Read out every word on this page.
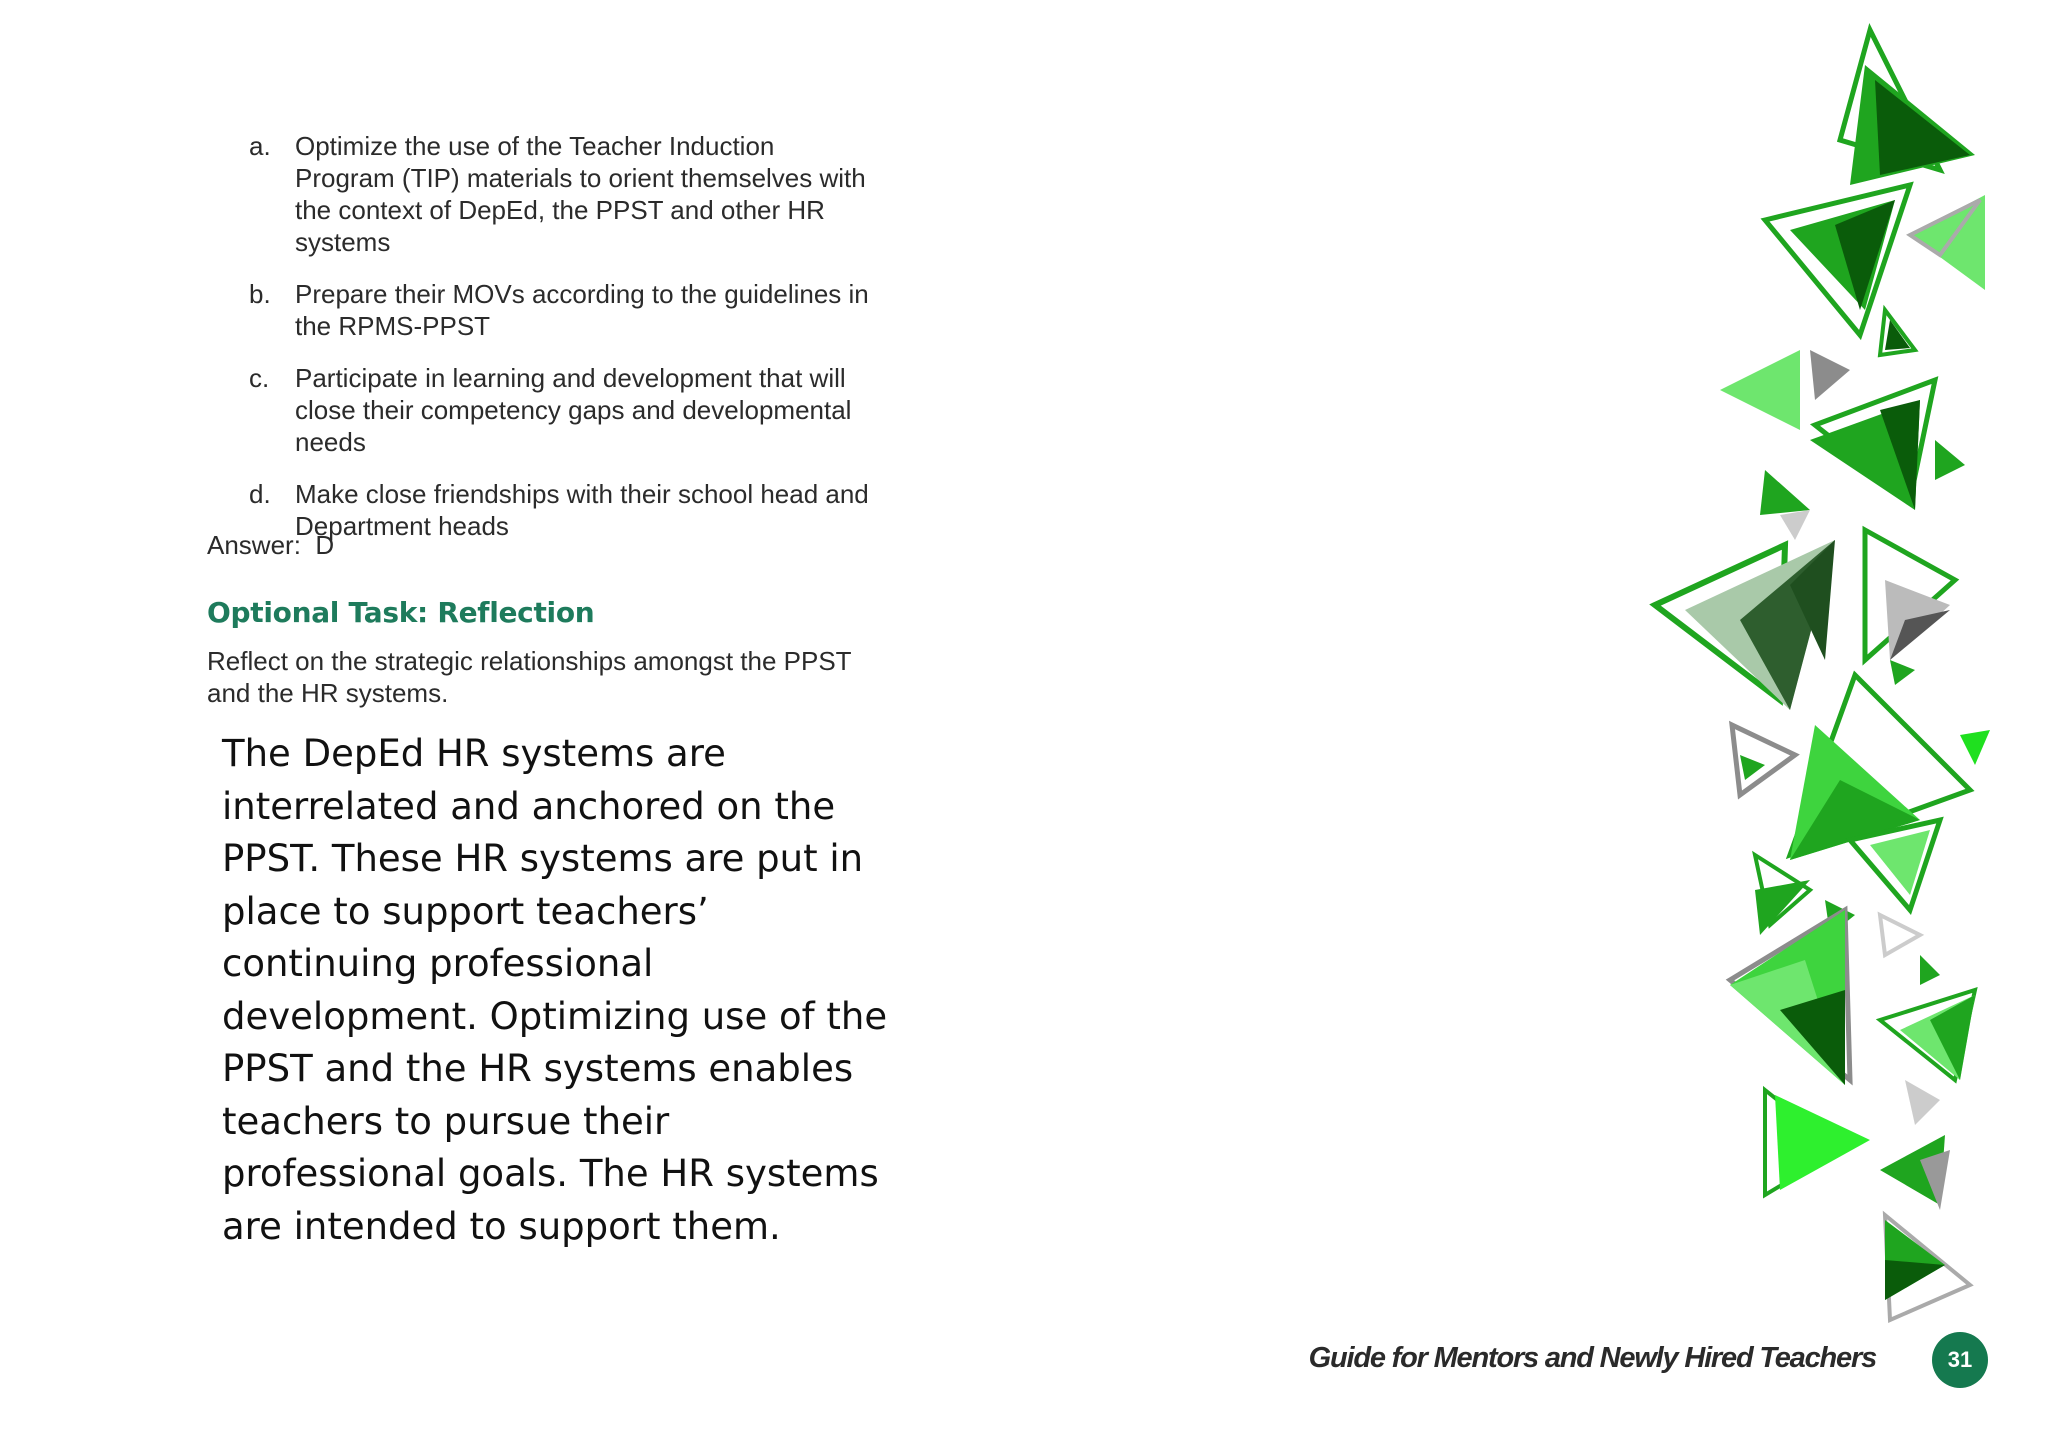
a. Optimize the use of the Teacher Induction Program (TIP) materials to orient themselves with the context of DepEd, the PPST and other HR systems
b. Prepare their MOVs according to the guidelines in the RPMS-PPST
c. Participate in learning and development that will close their competency gaps and developmental needs
d. Make close friendships with their school head and Department heads
Answer:  D
Optional Task: Reflection
Reflect on the strategic relationships amongst the PPST and the HR systems.
The DepEd HR systems are interrelated and anchored on the PPST. These HR systems are put in place to support teachers’ continuing professional development. Optimizing use of the PPST and the HR systems enables teachers to pursue their professional goals. The HR systems are intended to support them.
Guide for Mentors and Newly Hired Teachers	31
